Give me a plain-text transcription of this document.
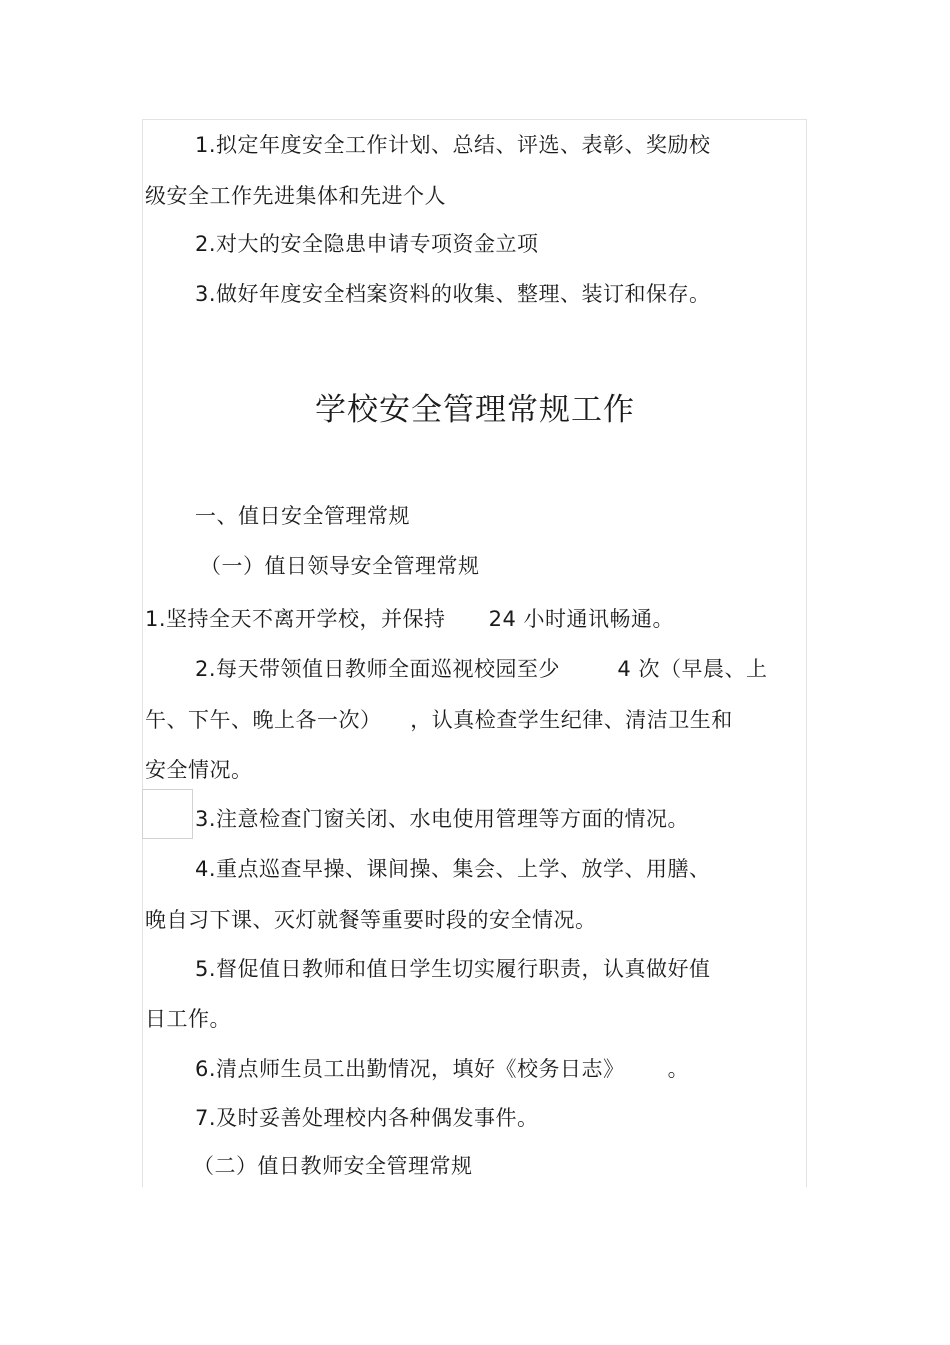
1.拟定年度安全工作计划、总结、评选、表彰、奖励校
级安全工作先进集体和先进个人
2.对大的安全隐患申请专项资金立项
3.做好年度安全档案资料的收集、整理、装订和保存。
学校安全管理常规工作
一、值日安全管理常规
（一）值日领导安全管理常规
1.坚持全天不离开学校，并保持      24 小时通讯畅通。
2.每天带领值日教师全面巡视校园至少        4 次（早晨、上
午、下午、晚上各一次）    ，认真检查学生纪律、清洁卫生和
安全情况。
3.注意检查门窗关闭、水电使用管理等方面的情况。
4.重点巡查早操、课间操、集会、上学、放学、用膳、
晚自习下课、灭灯就餐等重要时段的安全情况。
5.督促值日教师和值日学生切实履行职责，认真做好值
日工作。
6.清点师生员工出勤情况，填好《校务日志》      。
7.及时妥善处理校内各种偶发事件。
（二）值日教师安全管理常规
